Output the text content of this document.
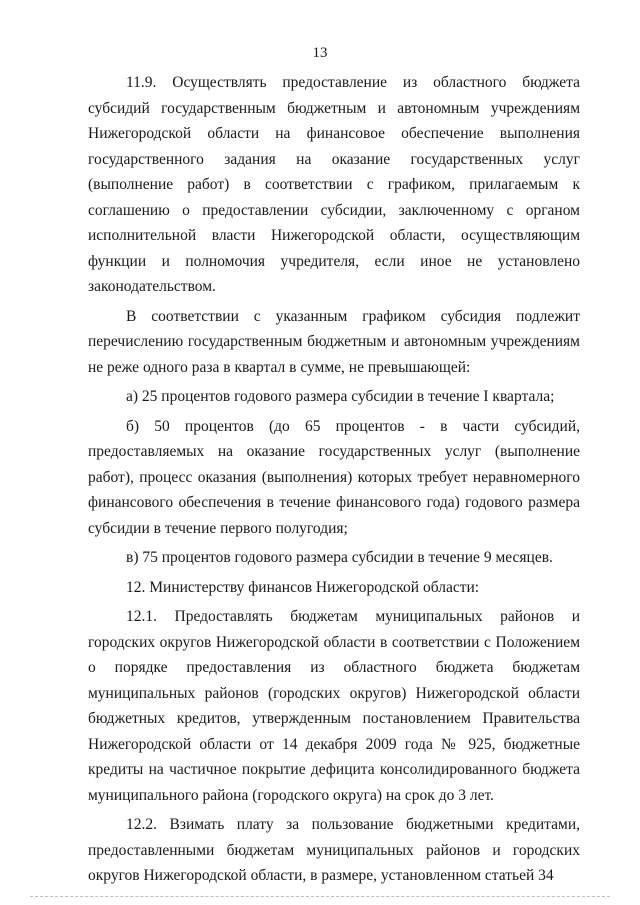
13

11.9. Осуществлять предоставление из областного бюджета субсидий государственным бюджетным и автономным учреждениям Нижегородской области на финансовое обеспечение выполнения государственного задания на оказание государственных услуг (выполнение работ) в соответствии с графиком, прилагаемым к соглашению о предоставлении субсидии, заключенному с органом исполнительной власти Нижегородской области, осуществляющим функции и полномочия учредителя, если иное не установлено законодательством.

В соответствии с указанным графиком субсидия подлежит перечислению государственным бюджетным и автономным учреждениям не реже одного раза в квартал в сумме, не превышающей:

а) 25 процентов годового размера субсидии в течение I квартала;

б) 50 процентов (до 65 процентов - в части субсидий, предоставляемых на оказание государственных услуг (выполнение работ), процесс оказания (выполнения) которых требует неравномерного финансового обеспечения в течение финансового года) годового размера субсидии в течение первого полугодия;

в) 75 процентов годового размера субсидии в течение 9 месяцев.

12. Министерству финансов Нижегородской области:

12.1. Предоставлять бюджетам муниципальных районов и городских округов Нижегородской области в соответствии с Положением о порядке предоставления из областного бюджета бюджетам муниципальных районов (городских округов) Нижегородской области бюджетных кредитов, утвержденным постановлением Правительства Нижегородской области от 14 декабря 2009 года № 925, бюджетные кредиты на частичное покрытие дефицита консолидированного бюджета муниципального района (городского округа) на срок до 3 лет.

12.2. Взимать плату за пользование бюджетными кредитами, предоставленными бюджетам муниципальных районов и городских округов Нижегородской области, в размере, установленном статьей 34
